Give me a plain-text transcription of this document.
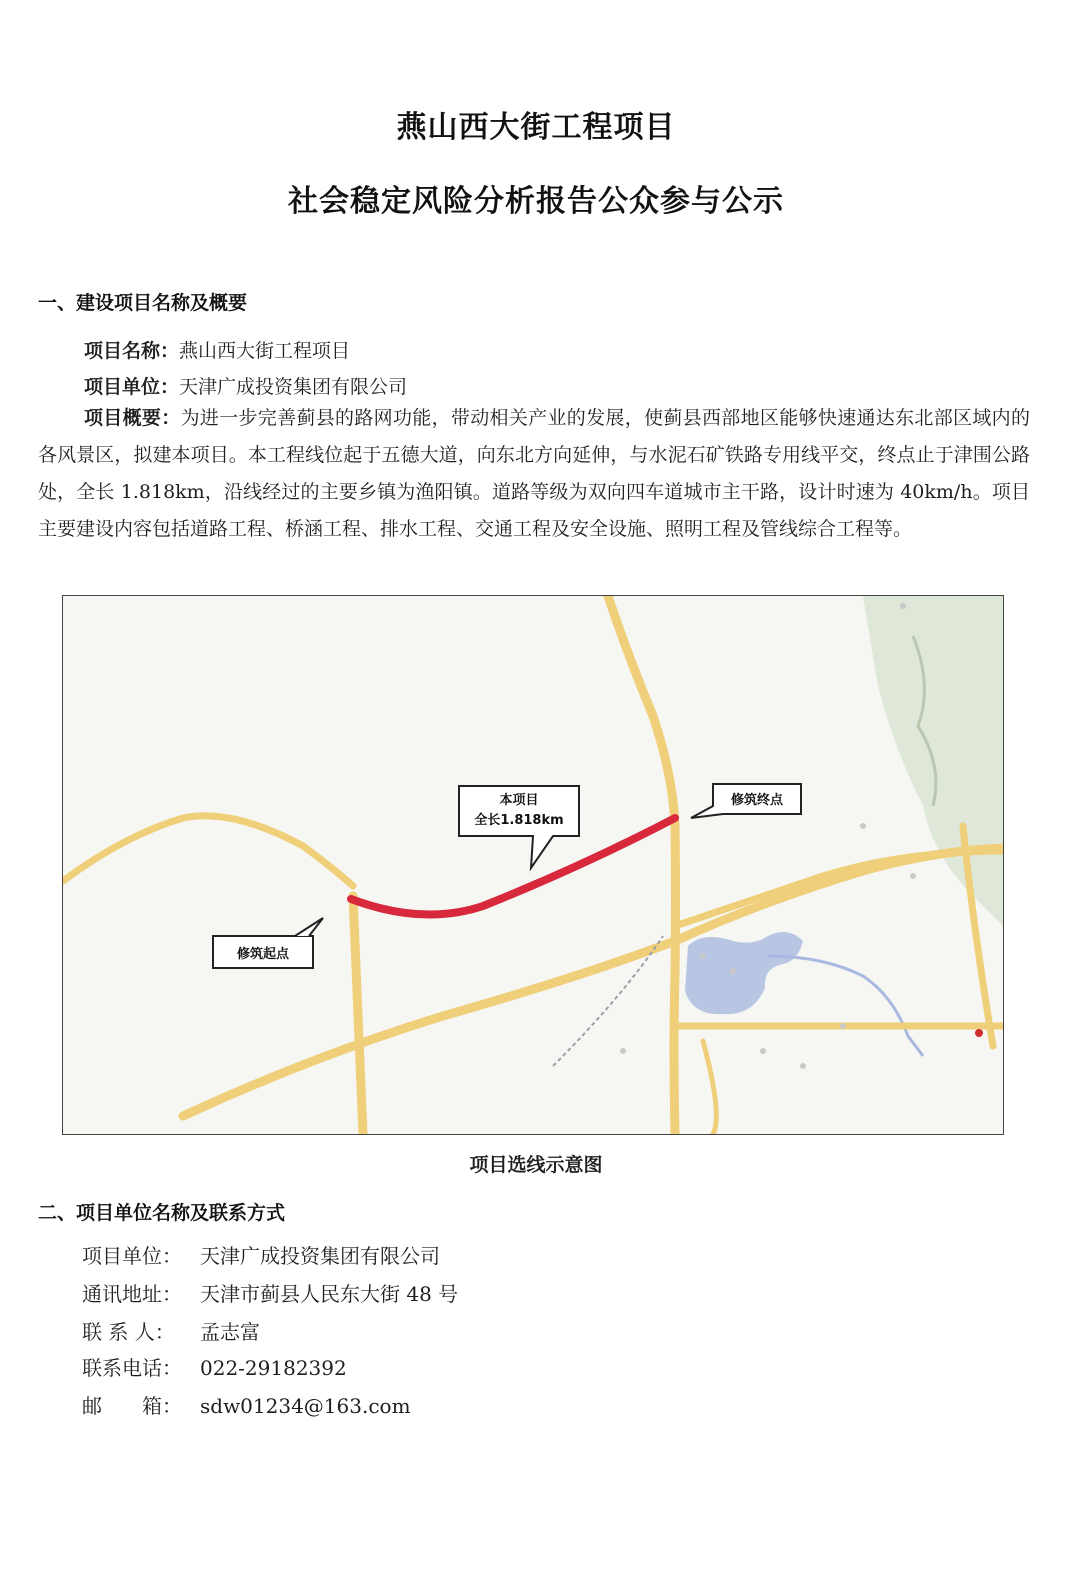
燕山西大街工程项目
社会稳定风险分析报告公众参与公示
一、建设项目名称及概要
项目名称：燕山西大街工程项目
项目单位：天津广成投资集团有限公司
项目概要：为进一步完善蓟县的路网功能，带动相关产业的发展，使蓟县西部地区能够快速通达东北部区域内的各风景区，拟建本项目。本工程线位起于五德大道，向东北方向延伸，与水泥石矿铁路专用线平交，终点止于津围公路处，全长 1.818km，沿线经过的主要乡镇为渔阳镇。道路等级为双向四车道城市主干路，设计时速为 40km/h。项目主要建设内容包括道路工程、桥涵工程、排水工程、交通工程及安全设施、照明工程及管线综合工程等。
本项目
全长1.818km
修筑终点
修筑起点
项目选线示意图
二、项目单位名称及联系方式
项目单位： 天津广成投资集团有限公司
通讯地址： 天津市蓟县人民东大街 48 号
联 系 人： 孟志富
联系电话： 022-29182392
邮　　箱： sdw01234@163.com
